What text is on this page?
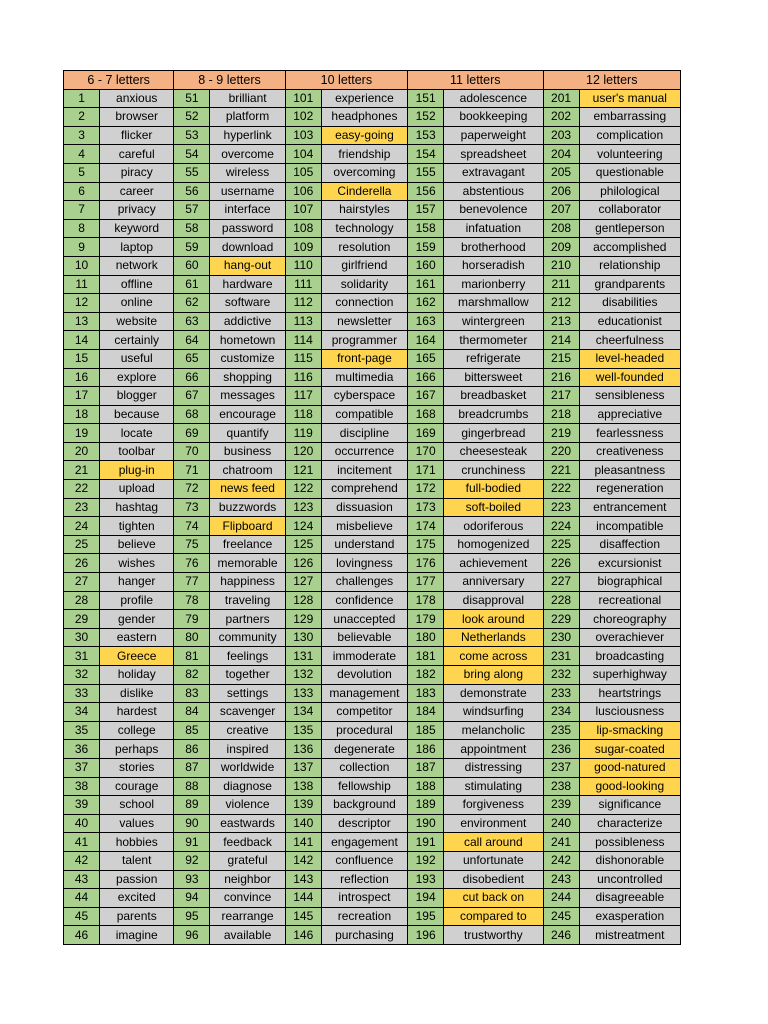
6 - 7 letters		8 - 9 letters		10 letters		11 letters		12 letters	
1	anxious	51	brilliant	101	experience	151	adolescence	201	user's manual
2	browser	52	platform	102	headphones	152	bookkeeping	202	embarrassing
3	flicker	53	hyperlink	103	easy-going	153	paperweight	203	complication
4	careful	54	overcome	104	friendship	154	spreadsheet	204	volunteering
5	piracy	55	wireless	105	overcoming	155	extravagant	205	questionable
6	career	56	username	106	Cinderella	156	abstentious	206	philological
7	privacy	57	interface	107	hairstyles	157	benevolence	207	collaborator
8	keyword	58	password	108	technology	158	infatuation	208	gentleperson
9	laptop	59	download	109	resolution	159	brotherhood	209	accomplished
10	network	60	hang-out	110	girlfriend	160	horseradish	210	relationship
11	offline	61	hardware	111	solidarity	161	marionberry	211	grandparents
12	online	62	software	112	connection	162	marshmallow	212	disabilities
13	website	63	addictive	113	newsletter	163	wintergreen	213	educationist
14	certainly	64	hometown	114	programmer	164	thermometer	214	cheerfulness
15	useful	65	customize	115	front-page	165	refrigerate	215	level-headed
16	explore	66	shopping	116	multimedia	166	bittersweet	216	well-founded
17	blogger	67	messages	117	cyberspace	167	breadbasket	217	sensibleness
18	because	68	encourage	118	compatible	168	breadcrumbs	218	appreciative
19	locate	69	quantify	119	discipline	169	gingerbread	219	fearlessness
20	toolbar	70	business	120	occurrence	170	cheesesteak	220	creativeness
21	plug-in	71	chatroom	121	incitement	171	crunchiness	221	pleasantness
22	upload	72	news feed	122	comprehend	172	full-bodied	222	regeneration
23	hashtag	73	buzzwords	123	dissuasion	173	soft-boiled	223	entrancement
24	tighten	74	Flipboard	124	misbelieve	174	odoriferous	224	incompatible
25	believe	75	freelance	125	understand	175	homogenized	225	disaffection
26	wishes	76	memorable	126	lovingness	176	achievement	226	excursionist
27	hanger	77	happiness	127	challenges	177	anniversary	227	biographical
28	profile	78	traveling	128	confidence	178	disapproval	228	recreational
29	gender	79	partners	129	unaccepted	179	look around	229	choreography
30	eastern	80	community	130	believable	180	Netherlands	230	overachiever
31	Greece	81	feelings	131	immoderate	181	come across	231	broadcasting
32	holiday	82	together	132	devolution	182	bring along	232	superhighway
33	dislike	83	settings	133	management	183	demonstrate	233	heartstrings
34	hardest	84	scavenger	134	competitor	184	windsurfing	234	lusciousness
35	college	85	creative	135	procedural	185	melancholic	235	lip-smacking
36	perhaps	86	inspired	136	degenerate	186	appointment	236	sugar-coated
37	stories	87	worldwide	137	collection	187	distressing	237	good-natured
38	courage	88	diagnose	138	fellowship	188	stimulating	238	good-looking
39	school	89	violence	139	background	189	forgiveness	239	significance
40	values	90	eastwards	140	descriptor	190	environment	240	characterize
41	hobbies	91	feedback	141	engagement	191	call around	241	possibleness
42	talent	92	grateful	142	confluence	192	unfortunate	242	dishonorable
43	passion	93	neighbor	143	reflection	193	disobedient	243	uncontrolled
44	excited	94	convince	144	introspect	194	cut back on	244	disagreeable
45	parents	95	rearrange	145	recreation	195	compared to	245	exasperation
46	imagine	96	available	146	purchasing	196	trustworthy	246	mistreatment
